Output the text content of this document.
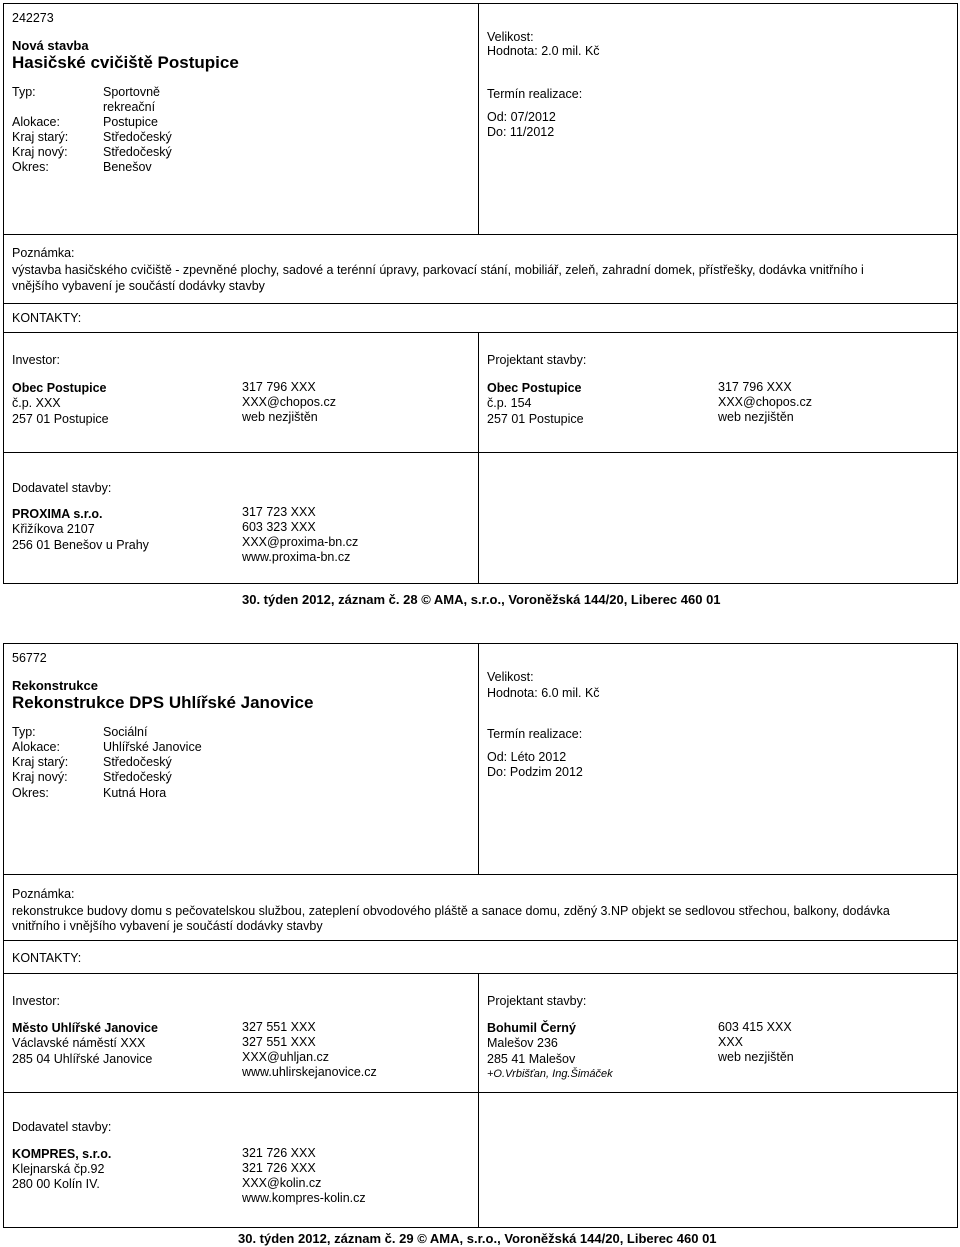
242273
Nová stavba
Hasičské cvičiště Postupice
Typ:	Sportovně
rekreační
Alokace:	Postupice
Kraj starý:	Středočeský
Kraj nový:	Středočeský
Okres:	Benešov
Velikost:
Hodnota: 2.0 mil. Kč
Termín realizace:
Od: 07/2012
Do: 11/2012
Poznámka:
výstavba hasičského cvičiště - zpevněné plochy, sadové a terénní úpravy, parkovací stání, mobiliář, zeleň, zahradní domek, přístřešky, dodávka vnitřního i
vnějšího vybavení je součástí dodávky stavby
KONTAKTY:
Investor:
Obec Postupice
č.p. XXX
257 01 Postupice
317 796 XXX
XXX@chopos.cz
web nezjištěn
Projektant stavby:
Obec Postupice
č.p. 154
257 01 Postupice
317 796 XXX
XXX@chopos.cz
web nezjištěn
Dodavatel stavby:
PROXIMA s.r.o.
Křižíkova 2107
256 01 Benešov u Prahy
317 723 XXX
603 323 XXX
XXX@proxima-bn.cz
www.proxima-bn.cz
30. týden 2012, záznam č. 28 © AMA, s.r.o., Voroněžská 144/20, Liberec 460 01
56772
Rekonstrukce
Rekonstrukce DPS Uhlířské Janovice
Typ:	Sociální
Alokace:	Uhlířské Janovice
Kraj starý:	Středočeský
Kraj nový:	Středočeský
Okres:	Kutná Hora
Velikost:
Hodnota: 6.0 mil. Kč
Termín realizace:
Od: Léto 2012
Do: Podzim 2012
Poznámka:
rekonstrukce budovy domu s pečovatelskou službou, zateplení obvodového pláště a sanace domu, zděný 3.NP objekt se sedlovou střechou, balkony, dodávka
vnitřního i vnějšího vybavení je součástí dodávky stavby
KONTAKTY:
Investor:
Město Uhlířské Janovice
Václavské náměstí XXX
285 04 Uhlířské Janovice
327 551 XXX
327 551 XXX
XXX@uhljan.cz
www.uhlirskejanovice.cz
Projektant stavby:
Bohumil Černý
Malešov 236
285 41 Malešov
+O.Vrbišťan, Ing.Šimáček
603 415 XXX
XXX
web nezjištěn
Dodavatel stavby:
KOMPRES, s.r.o.
Klejnarská čp.92
280 00 Kolín IV.
321 726 XXX
321 726 XXX
XXX@kolin.cz
www.kompres-kolin.cz
30. týden 2012, záznam č. 29 © AMA, s.r.o., Voroněžská 144/20, Liberec 460 01
